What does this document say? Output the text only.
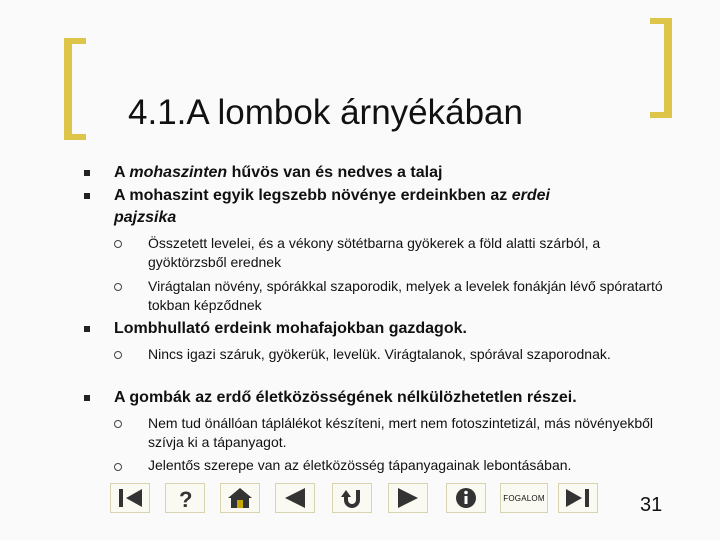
4.1.A lombok árnyékában
A mohaszinten hűvös van és nedves a talaj
A mohaszint egyik legszebb növénye erdeinkben az erdei pajzsika
Összetett levelei, és a vékony sötétbarna gyökerek a föld alatti szárból, a gyöktörzsből erednek
Virágtalan növény, spórákkal szaporodik, melyek a levelek fonákján lévő spóratartó tokban képződnek
Lombhullató erdeink mohafajokban gazdagok.
Nincs igazi száruk, gyökerük, levelük. Virágtalanok, spórával szaporodnak.
A gombák az erdő életközösségének nélkülözhetetlen részei.
Nem tud önállóan táplálékot készíteni, mert nem fotoszintetizál, más növényekből szívja ki a tápanyagot.
Jelentős szerepe van az életközösség tápanyagainak lebontásában.
?	FOGALOM	31
